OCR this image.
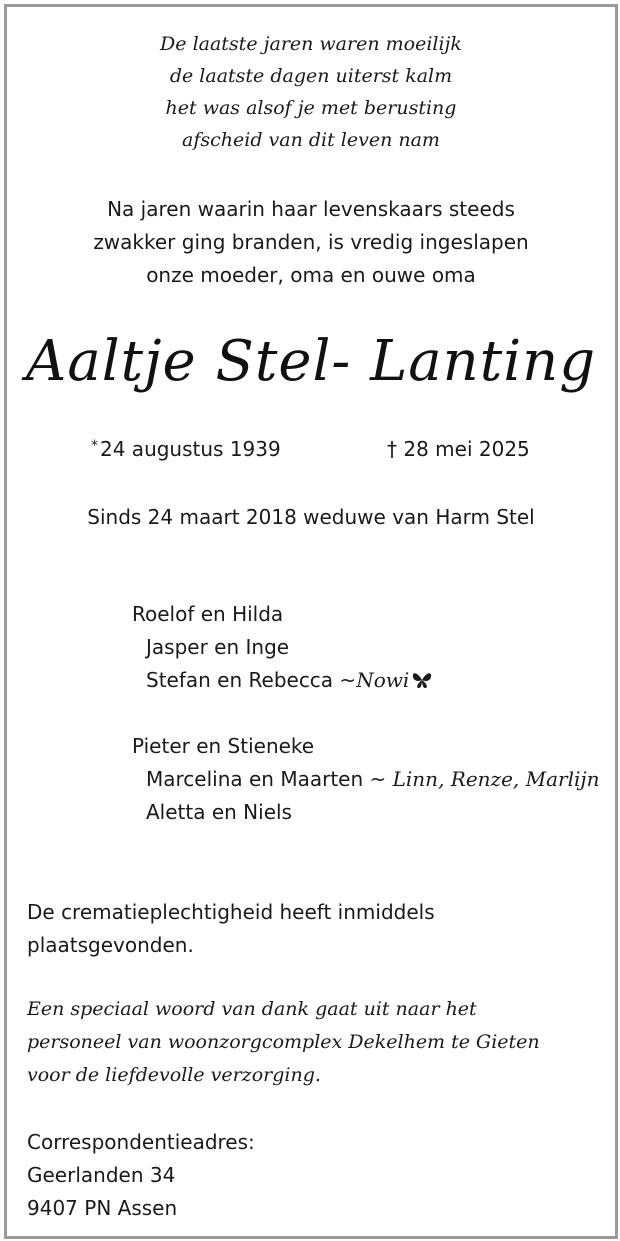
De laatste jaren waren moeilijk
de laatste dagen uiterst kalm
het was alsof je met berusting
afscheid van dit leven nam
Na jaren waarin haar levenskaars steeds
zwakker ging branden, is vredig ingeslapen
onze moeder, oma en ouwe oma
Aaltje Stel- Lanting
* 24 augustus 1939	† 28 mei 2025
Sinds 24 maart 2018 weduwe van Harm Stel
Roelof en Hilda
Jasper en Inge
Stefan en Rebecca ~Nowi
Pieter en Stieneke
Marcelina en Maarten ~ Linn, Renze, Marlijn
Aletta en Niels
De crematieplechtigheid heeft inmiddels
plaatsgevonden.
Een speciaal woord van dank gaat uit naar het
personeel van woonzorgcomplex Dekelhem te Gieten
voor de liefdevolle verzorging.
Correspondentieadres:
Geerlanden 34
9407 PN Assen
